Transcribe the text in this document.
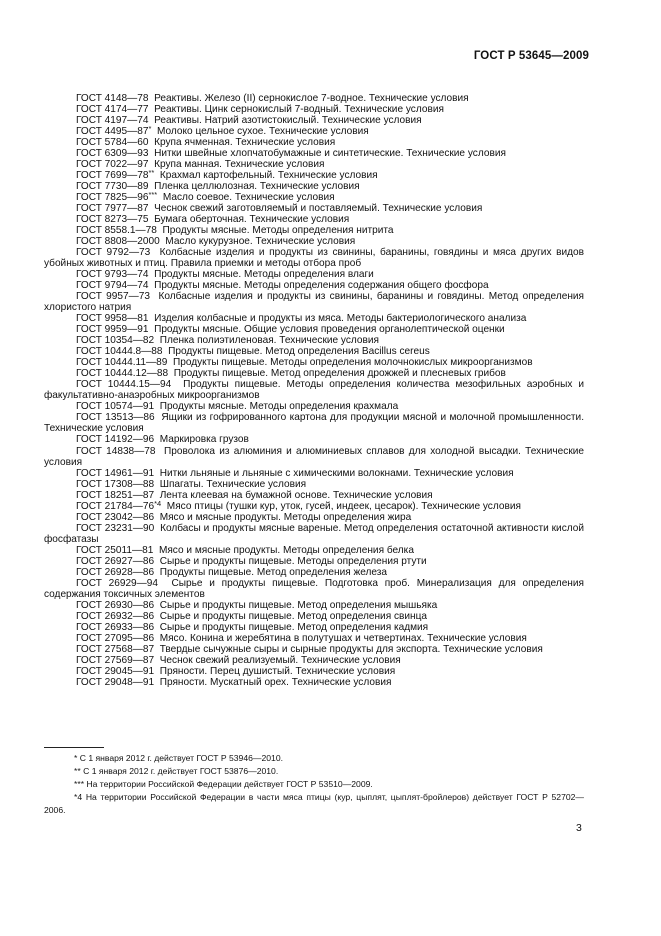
ГОСТ Р 53645—2009

ГОСТ 4148—78 Реактивы. Железо (II) сернокислое 7-водное. Технические условия

ГОСТ 4174—77 Реактивы. Цинк сернокислый 7-водный. Технические условия

ГОСТ 4197—74 Реактивы. Натрий азотистокислый. Технические условия

ГОСТ 4495—87* Молоко цельное сухое. Технические условия

ГОСТ 5784—60 Крупа ячменная. Технические условия

ГОСТ 6309—93 Нитки швейные хлопчатобумажные и синтетические. Технические условия

ГОСТ 7022—97 Крупа манная. Технические условия

ГОСТ 7699—78** Крахмал картофельный. Технические условия

ГОСТ 7730—89 Пленка целлюлозная. Технические условия

ГОСТ 7825—96*** Масло соевое. Технические условия

ГОСТ 7977—87 Чеснок свежий заготовляемый и поставляемый. Технические условия

ГОСТ 8273—75 Бумага оберточная. Технические условия

ГОСТ 8558.1—78 Продукты мясные. Методы определения нитрита

ГОСТ 8808—2000 Масло кукурузное. Технические условия

ГОСТ 9792—73 Колбасные изделия и продукты из свинины, баранины, говядины и мяса других видов убойных животных и птиц. Правила приемки и методы отбора проб

ГОСТ 9793—74 Продукты мясные. Методы определения влаги

ГОСТ 9794—74 Продукты мясные. Методы определения содержания общего фосфора

ГОСТ 9957—73 Колбасные изделия и продукты из свинины, баранины и говядины. Метод определения хлористого натрия

ГОСТ 9958—81 Изделия колбасные и продукты из мяса. Методы бактериологического анализа

ГОСТ 9959—91 Продукты мясные. Общие условия проведения органолептической оценки

ГОСТ 10354—82 Пленка полиэтиленовая. Технические условия

ГОСТ 10444.8—88 Продукты пищевые. Метод определения Bacillus cereus

ГОСТ 10444.11—89 Продукты пищевые. Методы определения молочнокислых микроорганизмов

ГОСТ 10444.12—88 Продукты пищевые. Метод определения дрожжей и плесневых грибов

ГОСТ 10444.15—94 Продукты пищевые. Методы определения количества мезофильных аэробных и факультативно-анаэробных микроорганизмов

ГОСТ 10574—91 Продукты мясные. Методы определения крахмала

ГОСТ 13513—86 Ящики из гофрированного картона для продукции мясной и молочной промышленности. Технические условия

ГОСТ 14192—96 Маркировка грузов

ГОСТ 14838—78 Проволока из алюминия и алюминиевых сплавов для холодной высадки. Технические условия

ГОСТ 14961—91 Нитки льняные и льняные с химическими волокнами. Технические условия

ГОСТ 17308—88 Шпагаты. Технические условия

ГОСТ 18251—87 Лента клеевая на бумажной основе. Технические условия

ГОСТ 21784—76$^{*4}$ Мясо птицы (тушки кур, уток, гусей, индеек, цесарок). Технические условия

ГОСТ 23042—86 Мясо и мясные продукты. Методы определения жира

ГОСТ 23231—90 Колбасы и продукты мясные вареные. Метод определения остаточной активности кислой фосфатазы

ГОСТ 25011—81 Мясо и мясные продукты. Методы определения белка

ГОСТ 26927—86 Сырье и продукты пищевые. Методы определения ртути

ГОСТ 26928—86 Продукты пищевые. Метод определения железа

ГОСТ 26929—94 Сырье и продукты пищевые. Подготовка проб. Минерализация для определения содержания токсичных элементов

ГОСТ 26930—86 Сырье и продукты пищевые. Метод определения мышьяка

ГОСТ 26932—86 Сырье и продукты пищевые. Метод определения свинца

ГОСТ 26933—86 Сырье и продукты пищевые. Метод определения кадмия

ГОСТ 27095—86 Мясо. Конина и жеребятина в полутушах и четвертинах. Технические условия

ГОСТ 27568—87 Твердые сычужные сыры и сырные продукты для экспорта. Технические условия

ГОСТ 27569—87 Чеснок свежий реализуемый. Технические условия

ГОСТ 29045—91 Пряности. Перец душистый. Технические условия

ГОСТ 29048—91 Пряности. Мускатный орех. Технические условия

* С 1 января 2012 г. действует ГОСТ Р 53946—2010.

** С 1 января 2012 г. действует ГОСТ 53876—2010.

*** На территории Российской Федерации действует ГОСТ Р 53510—2009.

*4 На территории Российской Федерации в части мяса птицы (кур, цыплят, цыплят-бройлеров) действует ГОСТ Р 52702—2006.

3
